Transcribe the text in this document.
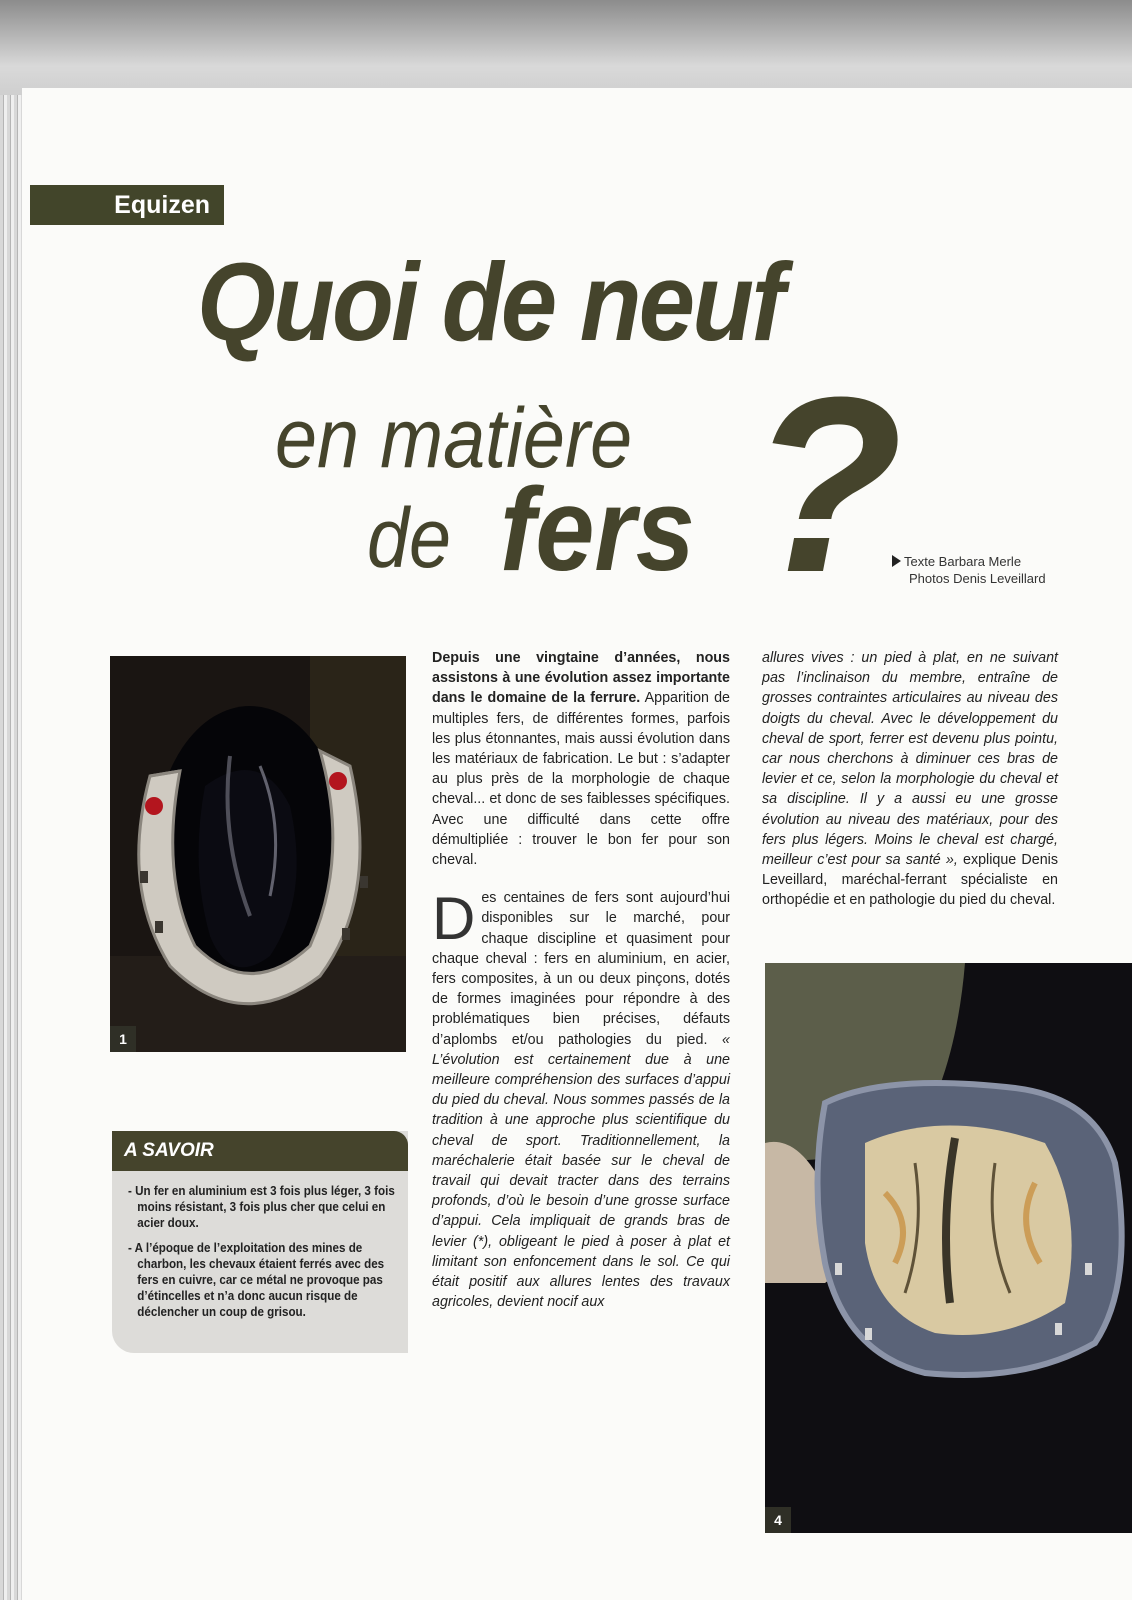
Equizen
Quoi de neuf
en matière
de fers ? Texte Barbara Merle
Photos Denis Leveillard
1

Depuis une vingtaine d’années, nous assistons à une évolution assez importante dans le domaine de la ferrure. Apparition de multiples fers, de différentes formes, parfois les plus étonnantes, mais aussi évolution dans les matériaux de fabrication. Le but : s’adapter au plus près de la morphologie de chaque cheval... et donc de ses faiblesses spécifiques. Avec une difficulté dans cette offre démultipliée : trouver le bon fer pour son cheval.

Des centaines de fers sont aujourd’hui disponibles sur le marché, pour chaque discipline et quasiment pour chaque cheval : fers en aluminium, en acier, fers composites, à un ou deux pinçons, dotés de formes imaginées pour répondre à des problématiques bien précises, défauts d’aplombs et/ou pathologies du pied. « L’évolution est certainement due à une meilleure compréhension des surfaces d’appui du pied du cheval. Nous sommes passés de la tradition à une approche plus scientifique du cheval de sport. Traditionnellement, la maréchalerie était basée sur le cheval de travail qui devait tracter dans des terrains profonds, d’où le besoin d’une grosse surface d’appui. Cela impliquait de grands bras de levier (*), obligeant le pied à poser à plat et limitant son enfoncement dans le sol. Ce qui était positif aux allures lentes des travaux agricoles, devient nocif aux

allures vives : un pied à plat, en ne suivant pas l’inclinaison du membre, entraîne de grosses contraintes articulaires au niveau des doigts du cheval. Avec le développement du cheval de sport, ferrer est devenu plus pointu, car nous cherchons à diminuer ces bras de levier et ce, selon la morphologie du cheval et sa discipline. Il y a aussi eu une grosse évolution au niveau des matériaux, pour des fers plus légers. Moins le cheval est chargé, meilleur c’est pour sa santé », explique Denis Leveillard, maréchal-ferrant spécialiste en orthopédie et en pathologie du pied du cheval.

A SAVOIR
- Un fer en aluminium est 3 fois plus léger, 3 fois moins résistant, 3 fois plus cher que celui en acier doux.
- A l’époque de l’exploitation des mines de charbon, les chevaux étaient ferrés avec des fers en cuivre, car ce métal ne provoque pas d’étincelles et n’a donc aucun risque de déclencher un coup de grisou.
4
